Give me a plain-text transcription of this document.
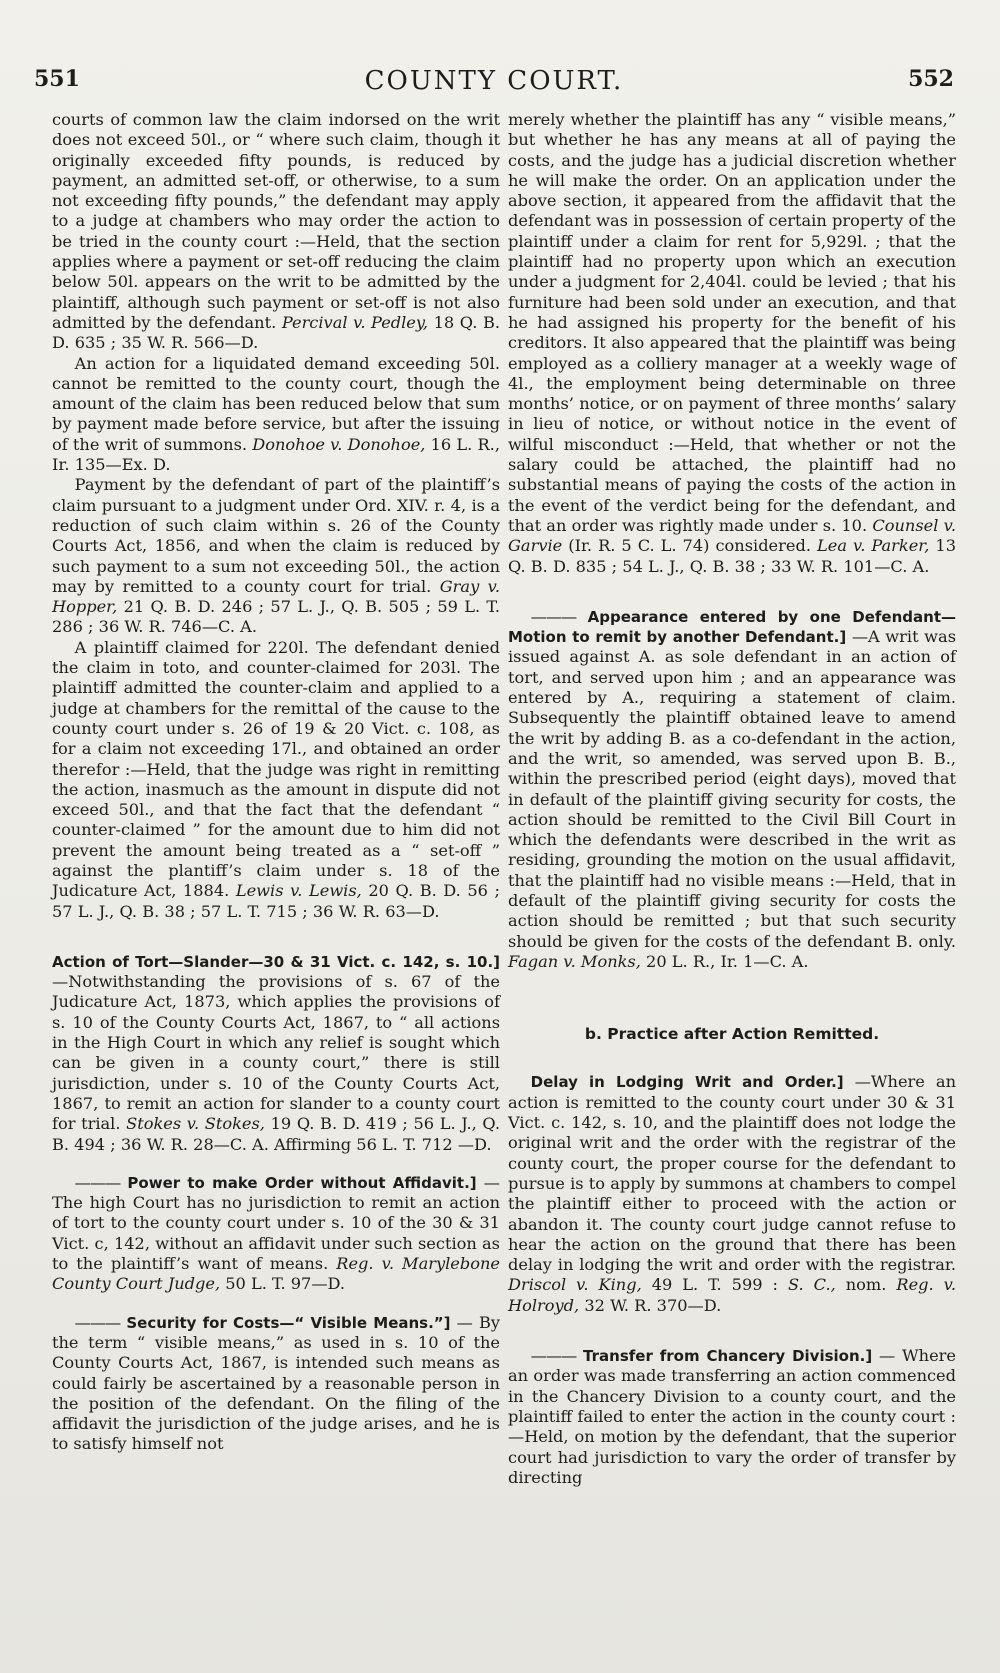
551	COUNTY COURT.	552

courts of common law the claim indorsed on the writ does not exceed 50l., or “ where such claim, though it originally exceeded fifty pounds, is reduced by payment, an admitted set-off, or otherwise, to a sum not exceeding fifty pounds,” the defendant may apply to a judge at chambers who may order the action to be tried in the county court :—Held, that the section applies where a payment or set-off reducing the claim below 50l. appears on the writ to be admitted by the plaintiff, although such payment or set-off is not also admitted by the defendant. Percival v. Pedley, 18 Q. B. D. 635 ; 35 W. R. 566—D.

An action for a liquidated demand exceeding 50l. cannot be remitted to the county court, though the amount of the claim has been reduced below that sum by payment made before service, but after the issuing of the writ of summons. Donohoe v. Donohoe, 16 L. R., Ir. 135—Ex. D.

Payment by the defendant of part of the plaintiff’s claim pursuant to a judgment under Ord. XIV. r. 4, is a reduction of such claim within s. 26 of the County Courts Act, 1856, and when the claim is reduced by such payment to a sum not exceeding 50l., the action may by remitted to a county court for trial. Gray v. Hopper, 21 Q. B. D. 246 ; 57 L. J., Q. B. 505 ; 59 L. T. 286 ; 36 W. R. 746—C. A.

A plaintiff claimed for 220l. The defendant denied the claim in toto, and counter-claimed for 203l. The plaintiff admitted the counter-claim and applied to a judge at chambers for the remittal of the cause to the county court under s. 26 of 19 & 20 Vict. c. 108, as for a claim not exceeding 17l., and obtained an order therefor :—Held, that the judge was right in remitting the action, inasmuch as the amount in dispute did not exceed 50l., and that the fact that the defendant “ counter-claimed ” for the amount due to him did not prevent the amount being treated as a “ set-off ” against the plantiff’s claim under s. 18 of the Judicature Act, 1884. Lewis v. Lewis, 20 Q. B. D. 56 ; 57 L. J., Q. B. 38 ; 57 L. T. 715 ; 36 W. R. 63—D.

Action of Tort—Slander—30 & 31 Vict. c. 142, s. 10.] —Notwithstanding the provisions of s. 67 of the Judicature Act, 1873, which applies the provisions of s. 10 of the County Courts Act, 1867, to “ all actions in the High Court in which any relief is sought which can be given in a county court,” there is still jurisdiction, under s. 10 of the County Courts Act, 1867, to remit an action for slander to a county court for trial. Stokes v. Stokes, 19 Q. B. D. 419 ; 56 L. J., Q. B. 494 ; 36 W. R. 28—C. A. Affirming 56 L. T. 712 —D.

——— Power to make Order without Affidavit.] —The high Court has no jurisdiction to remit an action of tort to the county court under s. 10 of the 30 & 31 Vict. c, 142, without an affidavit under such section as to the plaintiff’s want of means. Reg. v. Marylebone County Court Judge, 50 L. T. 97—D.

——— Security for Costs—“ Visible Means.”] — By the term “ visible means,” as used in s. 10 of the County Courts Act, 1867, is intended such means as could fairly be ascertained by a reasonable person in the position of the defendant. On the filing of the affidavit the jurisdiction of the judge arises, and he is to satisfy himself not

merely whether the plaintiff has any “ visible means,” but whether he has any means at all of paying the costs, and the judge has a judicial discretion whether he will make the order. On an application under the above section, it appeared from the affidavit that the defendant was in possession of certain property of the plaintiff under a claim for rent for 5,929l. ; that the plaintiff had no property upon which an execution under a judgment for 2,404l. could be levied ; that his furniture had been sold under an execution, and that he had assigned his property for the benefit of his creditors. It also appeared that the plaintiff was being employed as a colliery manager at a weekly wage of 4l., the employment being determinable on three months’ notice, or on payment of three months’ salary in lieu of notice, or without notice in the event of wilful misconduct :—Held, that whether or not the salary could be attached, the plaintiff had no substantial means of paying the costs of the action in the event of the verdict being for the defendant, and that an order was rightly made under s. 10. Counsel v. Garvie (Ir. R. 5 C. L. 74) considered. Lea v. Parker, 13 Q. B. D. 835 ; 54 L. J., Q. B. 38 ; 33 W. R. 101—C. A.

——— Appearance entered by one Defendant— Motion to remit by another Defendant.] —A writ was issued against A. as sole defendant in an action of tort, and served upon him ; and an appearance was entered by A., requiring a statement of claim. Subsequently the plaintiff obtained leave to amend the writ by adding B. as a co-defendant in the action, and the writ, so amended, was served upon B. B., within the prescribed period (eight days), moved that in default of the plaintiff giving security for costs, the action should be remitted to the Civil Bill Court in which the defendants were described in the writ as residing, grounding the motion on the usual affidavit, that the plaintiff had no visible means :—Held, that in default of the plaintiff giving security for costs the action should be remitted ; but that such security should be given for the costs of the defendant B. only. Fagan v. Monks, 20 L. R., Ir. 1—C. A.

b. Practice after Action Remitted.

Delay in Lodging Writ and Order.] —Where an action is remitted to the county court under 30 & 31 Vict. c. 142, s. 10, and the plaintiff does not lodge the original writ and the order with the registrar of the county court, the proper course for the defendant to pursue is to apply by summons at chambers to compel the plaintiff either to proceed with the action or abandon it. The county court judge cannot refuse to hear the action on the ground that there has been delay in lodging the writ and order with the registrar. Driscol v. King, 49 L. T. 599 : S. C., nom. Reg. v. Holroyd, 32 W. R. 370—D.

——— Transfer from Chancery Division.] — Where an order was made transferring an action commenced in the Chancery Division to a county court, and the plaintiff failed to enter the action in the county court :—Held, on motion by the defendant, that the superior court had jurisdiction to vary the order of transfer by directing
